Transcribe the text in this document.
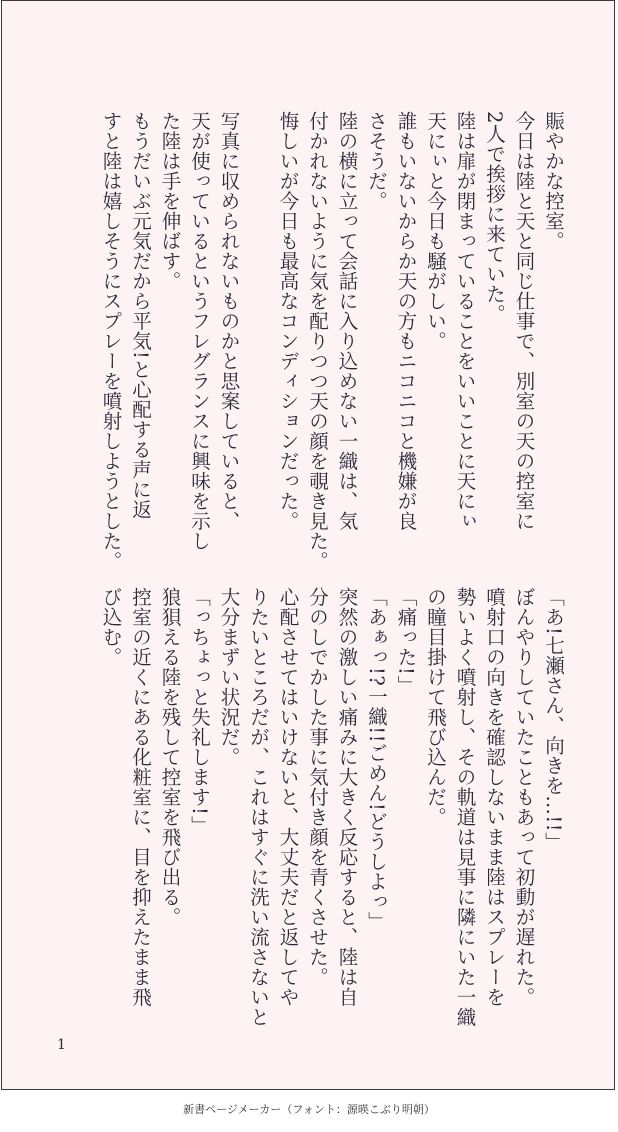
賑やかな控室。

今日は陸と天と同じ仕事で、別室の天の控室に

2人で挨拶に来ていた。

陸は扉が閉まっていることをいいことに天にぃ

天にぃと今日も騒がしい。

誰もいないからか天の方もニコニコと機嫌が良

さそうだ。

陸の横に立って会話に入り込めない一織は、気

付かれないように気を配りつつ天の顔を覗き見た。

悔しいが今日も最高なコンディションだった。

写真に収められないものかと思案していると、

天が使っているというフレグランスに興味を示し

た陸は手を伸ばす。

もうだいぶ元気だから平気!と心配する声に返

すと陸は嬉しそうにスプレーを噴射しようとした。

「あ!七瀬さん、向きを…!!」

ぼんやりしていたこともあって初動が遅れた。

噴射口の向きを確認しないまま陸はスプレーを

勢いよく噴射し、その軌道は見事に隣にいた一織

の瞳目掛けて飛び込んだ。

「痛った!」

「あぁっ!?一織!!ごめん!どうしよっ」

突然の激しい痛みに大きく反応すると、陸は自

分のしでかした事に気付き顔を青くさせた。

心配させてはいけないと、大丈夫だと返してや

りたいところだが、これはすぐに洗い流さないと

大分まずい状況だ。

「っちょっと失礼します!」

狼狽える陸を残して控室を飛び出る。

控室の近くにある化粧室に、目を抑えたまま飛

び込む。

1
新書ページメーカー（フォント：源暎こぶり明朝）
